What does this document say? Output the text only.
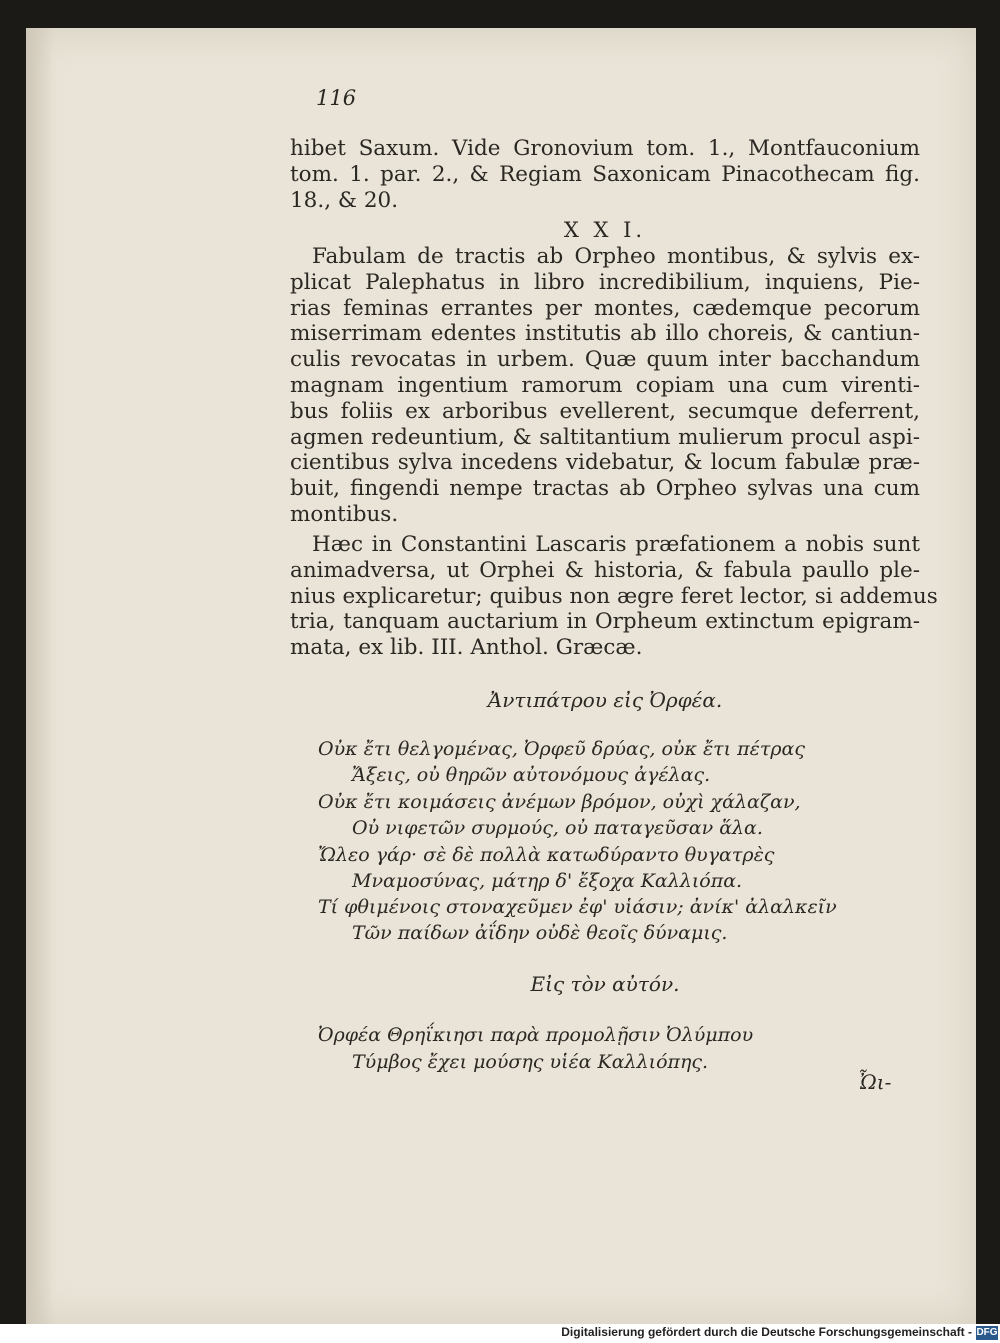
116
hibet Saxum. Vide Gronovium tom. 1., Montfauconium
tom. 1. par. 2., & Regiam Saxonicam Pinacothecam fig.
18., & 20.
X X I.
Fabulam de tractis ab Orpheo montibus, & sylvis ex-
plicat Palephatus in libro incredibilium, inquiens, Pie-
rias feminas errantes per montes, cædemque pecorum
miserrimam edentes institutis ab illo choreis, & cantiun-
culis revocatas in urbem. Quæ quum inter bacchandum
magnam ingentium ramorum copiam una cum virenti-
bus foliis ex arboribus evellerent, secumque deferrent,
agmen redeuntium, & saltitantium mulierum procul aspi-
cientibus sylva incedens videbatur, & locum fabulæ præ-
buit, fingendi nempe tractas ab Orpheo sylvas una cum
montibus.
Hæc in Constantini Lascaris præfationem a nobis sunt
animadversa, ut Orphei & historia, & fabula paullo ple-
nius explicaretur; quibus non ægre feret lector, si addemus
tria, tanquam auctarium in Orpheum extinctum epigram-
mata, ex lib. III. Anthol. Græcæ.
Ἀντιπάτρου εἰς Ὀρφέα.
Οὐκ ἔτι θελγομένας, Ὀρφεῦ δρύας, οὐκ ἔτι πέτρας
Ἄξεις, οὐ θηρῶν αὐτονόμους ἀγέλας.
Οὐκ ἔτι κοιμάσεις ἀνέμων βρόμον, οὐχὶ χάλαζαν,
Οὐ νιφετῶν συρμούς, οὐ παταγεῦσαν ἅλα.
Ὤλεο γάρ· σὲ δὲ πολλὰ κατωδύραντο θυγατρὲς
Μναμοσύνας, μάτηρ δ' ἔξοχα Καλλιόπα.
Τί φθιμένοις στοναχεῦμεν ἐφ' υἱάσιν; ἀνίκ' ἀλαλκεῖν
Τῶν παίδων ἀΐδην οὐδὲ θεοῖς δύναμις.
Εἰς τὸν αὐτόν.
Ὀρφέα Θρηΐκιησι παρὰ προμολῇσιν Ὀλύμπου
Τύμβος ἔχει μούσης υἱέα Καλλιόπης.
Ὦι-
Digitalisierung gefördert durch die Deutsche Forschungsgemeinschaft - DFG
